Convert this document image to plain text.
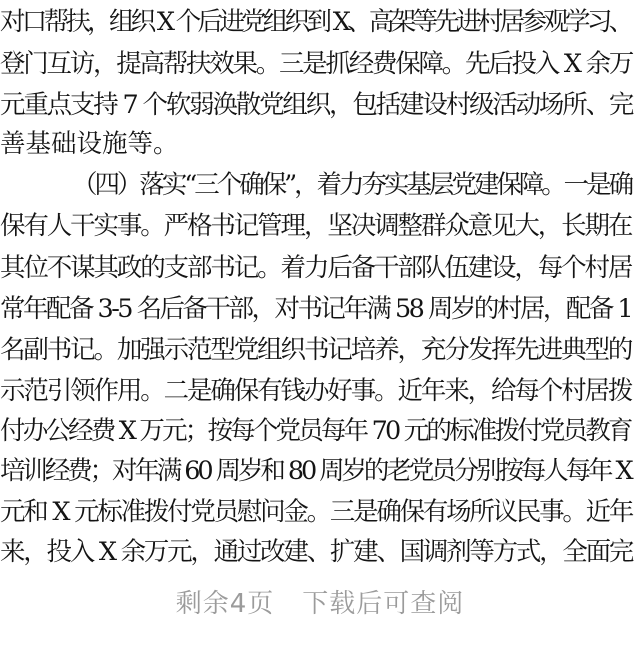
对口帮扶，组织 X 个后进党组织到 X、高架等先进村居参观学习、
登门互访，提高帮扶效果。三是抓经费保障。先后投入 X 余万
元重点支持 7 个软弱涣散党组织，包括建设村级活动场所、完
善基础设施等。
（四）落实“三个确保”，着力夯实基层党建保障。一是确
保有人干实事。严格书记管理，坚决调整群众意见大，长期在
其位不谋其政的支部书记。着力后备干部队伍建设，每个村居
常年配备 3-5 名后备干部，对书记年满 58 周岁的村居，配备 1
名副书记。加强示范型党组织书记培养，充分发挥先进典型的
示范引领作用。二是确保有钱办好事。近年来，给每个村居拨
付办公经费 X 万元；按每个党员每年 70 元的标准拨付党员教育
培训经费；对年满 60 周岁和 80 周岁的老党员分别按每人每年 X
元和 X 元标准拨付党员慰问金。三是确保有场所议民事。近年
来，投入 X 余万元，通过改建、扩建、国调剂等方式，全面完
剩余4页 下载后可查阅
